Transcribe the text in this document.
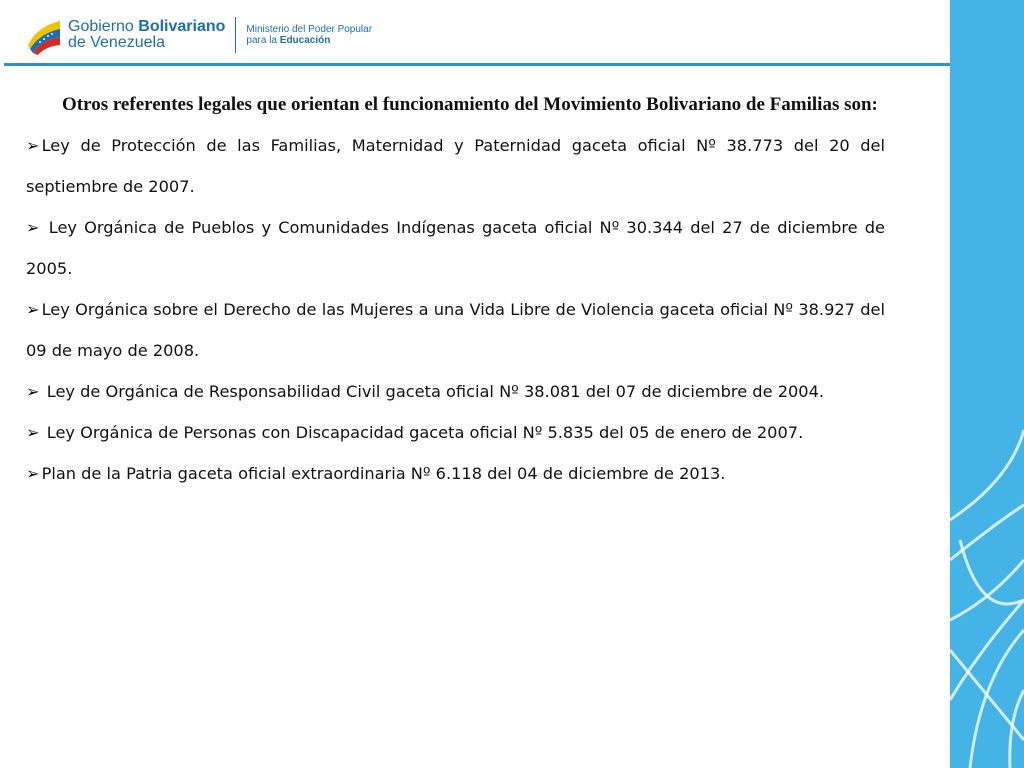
Gobierno Bolivariano
de Venezuela
Ministerio del Poder Popular
para la Educación

Otros referentes legales que orientan el funcionamiento del Movimiento Bolivariano de Familias son:

➢ Ley de Protección de las Familias, Maternidad y Paternidad gaceta oficial Nº 38.773 del 20 del septiembre de 2007.

➢ Ley Orgánica de Pueblos y Comunidades Indígenas gaceta oficial Nº 30.344 del 27 de diciembre de 2005.

➢ Ley Orgánica sobre el Derecho de las Mujeres a una Vida Libre de Violencia gaceta oficial Nº 38.927 del 09 de mayo de 2008.

➢ Ley de Orgánica de Responsabilidad Civil gaceta oficial Nº 38.081 del 07 de diciembre de 2004.

➢ Ley Orgánica de Personas con Discapacidad gaceta oficial Nº 5.835 del 05 de enero de 2007.

➢ Plan de la Patria gaceta oficial extraordinaria Nº 6.118 del 04 de diciembre de 2013.
